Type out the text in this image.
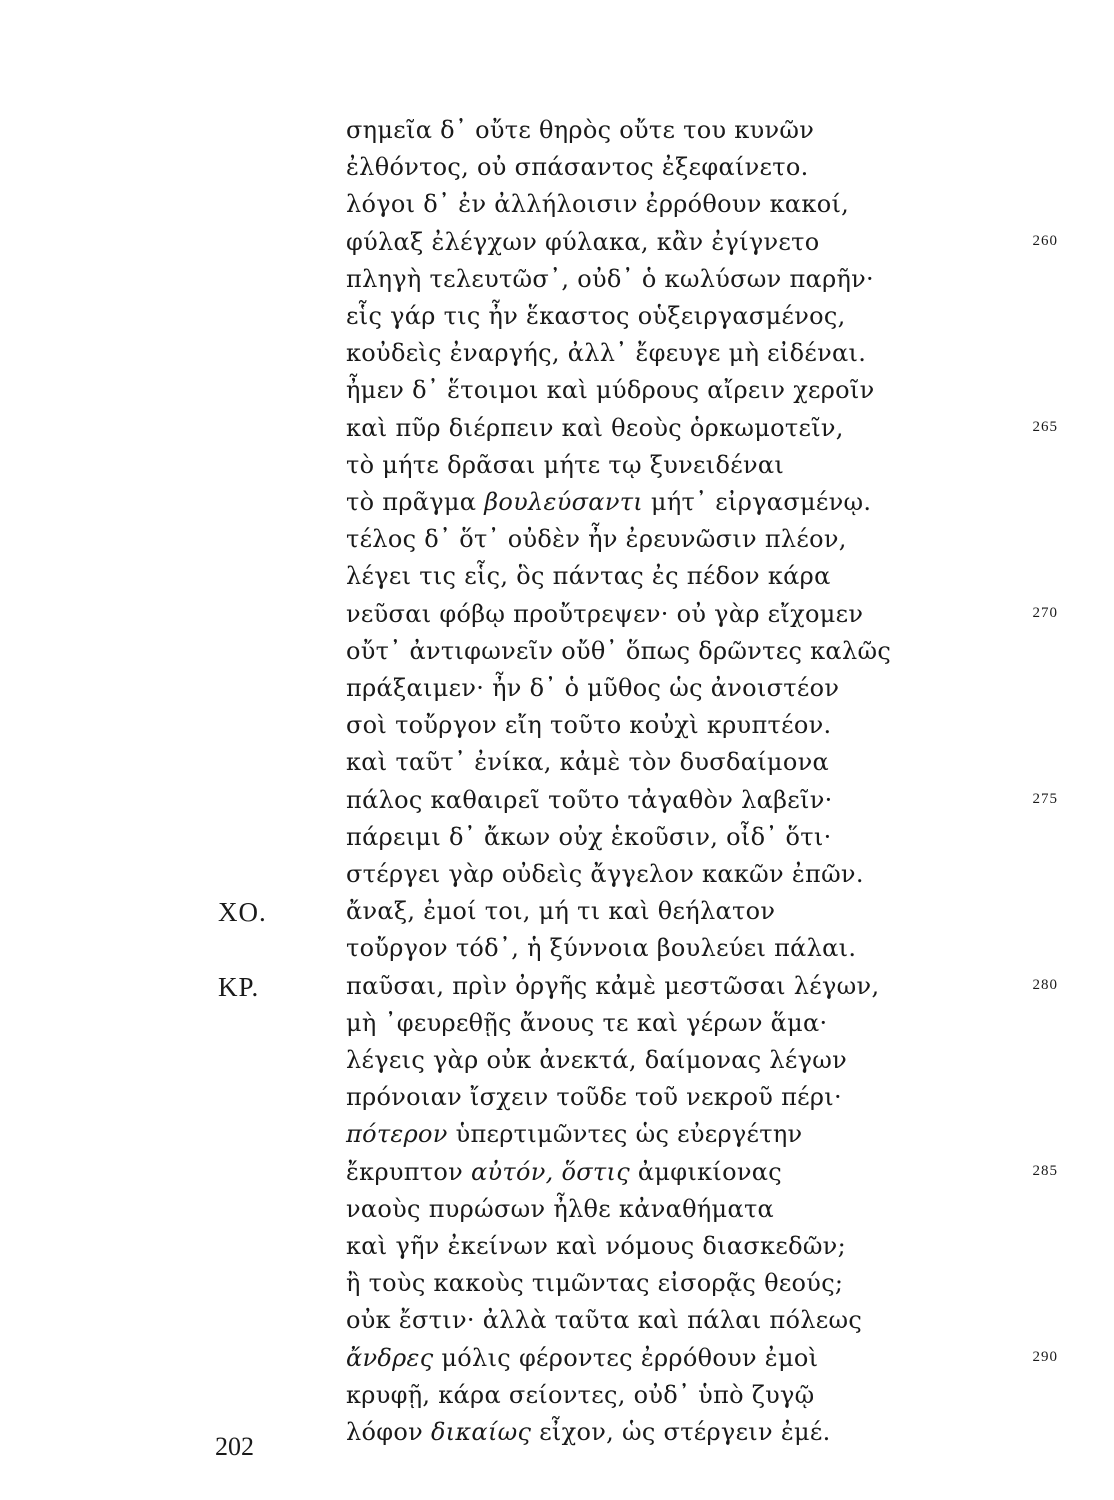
σημεῖα δ᾽ οὔτε θηρὸς οὔτε του κυνῶν
ἐλθόντος, οὐ σπάσαντος ἐξεφαίνετο.
λόγοι δ᾽ ἐν ἀλλήλοισιν ἐρρόθουν κακοί,
φύλαξ ἐλέγχων φύλακα, κἂν ἐγίγνετο	260
πληγὴ τελευτῶσ᾽, οὐδ᾽ ὁ κωλύσων παρῆν·
εἷς γάρ τις ἦν ἕκαστος οὑξειργασμένος,
κοὐδεὶς ἐναργής, ἀλλ᾽ ἔφευγε μὴ εἰδέναι.
ἦμεν δ᾽ ἕτοιμοι καὶ μύδρους αἴρειν χεροῖν
καὶ πῦρ διέρπειν καὶ θεοὺς ὁρκωμοτεῖν,	265
τὸ μήτε δρᾶσαι μήτε τῳ ξυνειδέναι
τὸ πρᾶγμα βουλεύσαντι μήτ᾽ εἰργασμένῳ.
τέλος δ᾽ ὅτ᾽ οὐδὲν ἦν ἐρευνῶσιν πλέον,
λέγει τις εἷς, ὃς πάντας ἐς πέδον κάρα
νεῦσαι φόβῳ προὔτρεψεν· οὐ γὰρ εἴχομεν	270
οὔτ᾽ ἀντιφωνεῖν οὔθ᾽ ὅπως δρῶντες καλῶς
πράξαιμεν· ἦν δ᾽ ὁ μῦθος ὡς ἀνοιστέον
σοὶ τοὔργον εἴη τοῦτο κοὐχὶ κρυπτέον.
καὶ ταῦτ᾽ ἐνίκα, κἀμὲ τὸν δυσδαίμονα
πάλος καθαιρεῖ τοῦτο τἀγαθὸν λαβεῖν·	275
πάρειμι δ᾽ ἄκων οὐχ ἑκοῦσιν, οἶδ᾽ ὅτι·
στέργει γὰρ οὐδεὶς ἄγγελον κακῶν ἐπῶν.
ΧΟ.	ἄναξ, ἐμοί τοι, μή τι καὶ θεήλατον
τοὔργον τόδ᾽, ἡ ξύννοια βουλεύει πάλαι.
ΚΡ.	παῦσαι, πρὶν ὀργῆς κἀμὲ μεστῶσαι λέγων,	280
μὴ ᾽φευρεθῇς ἄνους τε καὶ γέρων ἅμα·
λέγεις γὰρ οὐκ ἀνεκτά, δαίμονας λέγων
πρόνοιαν ἴσχειν τοῦδε τοῦ νεκροῦ πέρι·
πότερον ὑπερτιμῶντες ὡς εὐεργέτην
ἔκρυπτον αὐτόν, ὅστις ἀμφικίονας	285
ναοὺς πυρώσων ἦλθε κἀναθήματα
καὶ γῆν ἐκείνων καὶ νόμους διασκεδῶν;
ἢ τοὺς κακοὺς τιμῶντας εἰσορᾷς θεούς;
οὐκ ἔστιν· ἀλλὰ ταῦτα καὶ πάλαι πόλεως
ἄνδρες μόλις φέροντες ἐρρόθουν ἐμοὶ	290
κρυφῇ, κάρα σείοντες, οὐδ᾽ ὑπὸ ζυγῷ
λόφον δικαίως εἶχον, ὡς στέργειν ἐμέ.
202
